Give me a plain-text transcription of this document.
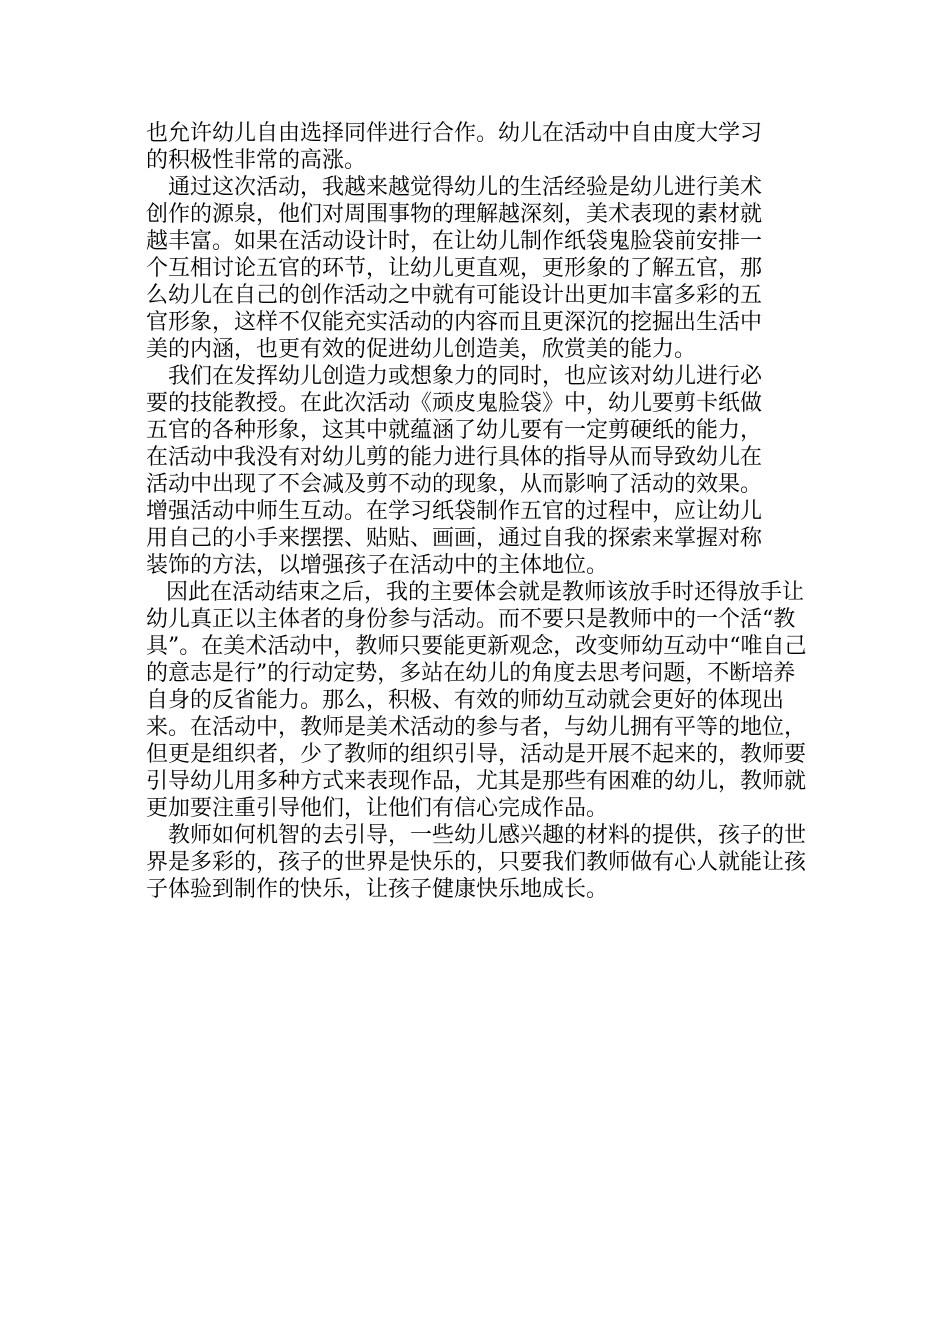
也允许幼儿自由选择同伴进行合作。幼儿在活动中自由度大学习的积极性非常的高涨。

通过这次活动，我越来越觉得幼儿的生活经验是幼儿进行美术创作的源泉，他们对周围事物的理解越深刻，美术表现的素材就越丰富。如果在活动设计时，在让幼儿制作纸袋鬼脸袋前安排一个互相讨论五官的环节，让幼儿更直观，更形象的了解五官，那么幼儿在自己的创作活动之中就有可能设计出更加丰富多彩的五官形象，这样不仅能充实活动的内容而且更深沉的挖掘出生活中美的内涵，也更有效的促进幼儿创造美，欣赏美的能力。

我们在发挥幼儿创造力或想象力的同时，也应该对幼儿进行必要的技能教授。在此次活动《顽皮鬼脸袋》中，幼儿要剪卡纸做五官的各种形象，这其中就蕴涵了幼儿要有一定剪硬纸的能力，在活动中我没有对幼儿剪的能力进行具体的指导从而导致幼儿在活动中出现了不会减及剪不动的现象，从而影响了活动的效果。增强活动中师生互动。在学习纸袋制作五官的过程中，应让幼儿用自己的小手来摆摆、贴贴、画画，通过自我的探索来掌握对称装饰的方法，以增强孩子在活动中的主体地位。

因此在活动结束之后，我的主要体会就是教师该放手时还得放手让幼儿真正以主体者的身份参与活动。而不要只是教师中的一个活“教具”。在美术活动中，教师只要能更新观念，改变师幼互动中“唯自己的意志是行”的行动定势，多站在幼儿的角度去思考问题，不断培养自身的反省能力。那么，积极、有效的师幼互动就会更好的体现出来。在活动中，教师是美术活动的参与者，与幼儿拥有平等的地位，但更是组织者，少了教师的组织引导，活动是开展不起来的，教师要引导幼儿用多种方式来表现作品，尤其是那些有困难的幼儿，教师就更加要注重引导他们，让他们有信心完成作品。

教师如何机智的去引导，一些幼儿感兴趣的材料的提供，孩子的世界是多彩的，孩子的世界是快乐的，只要我们教师做有心人就能让孩子体验到制作的快乐，让孩子健康快乐地成长。
